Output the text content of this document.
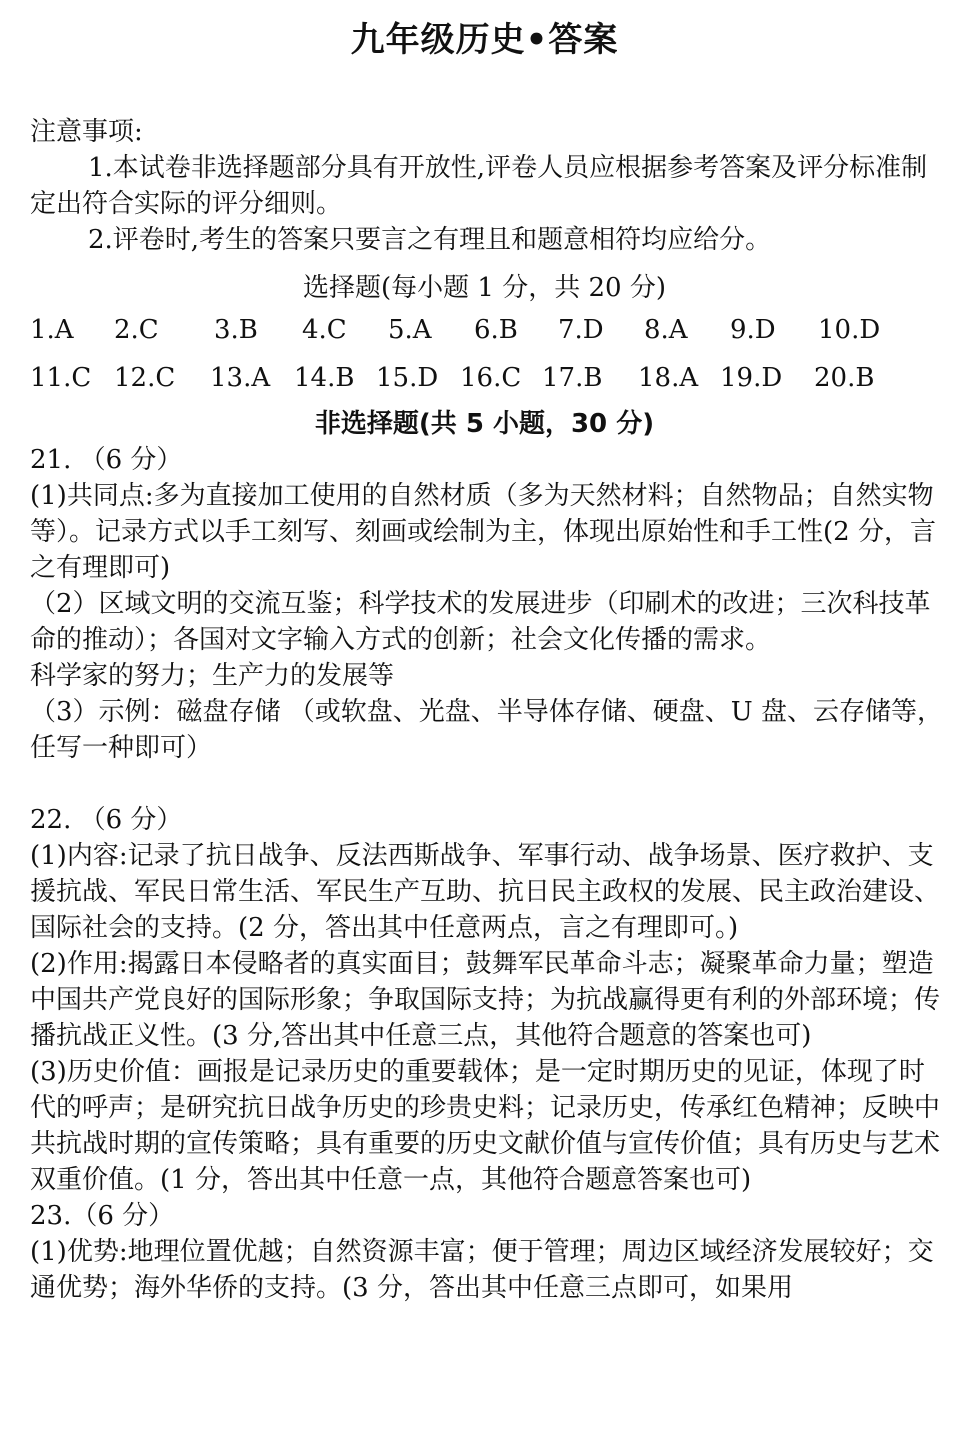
九年级历史•答案

注意事项:

1.本试卷非选择题部分具有开放性,评卷人员应根据参考答案及评分标准制定出符合实际的评分细则。

2.评卷时,考生的答案只要言之有理且和题意相符均应给分。

选择题(每小题 1 分，共 20 分)
1.A 2.C 3.B 4.C 5.A 6.B 7.D 8.A 9.D 10.D
11.C 12.C 13.A 14.B 15.D 16.C 17.B 18.A 19.D 20.B
非选择题(共 5 小题，30 分)

21. （6 分）

(1)共同点:多为直接加工使用的自然材质（多为天然材料；自然物品；自然实物等）。记录方式以手工刻写、刻画或绘制为主，体现出原始性和手工性(2 分，言之有理即可)

（2）区域文明的交流互鉴；科学技术的发展进步（印刷术的改进；三次科技革命的推动）；各国对文字输入方式的创新；社会文化传播的需求。

科学家的努力；生产力的发展等

（3）示例：磁盘存储 （或软盘、光盘、半导体存储、硬盘、U 盘、云存储等，任写一种即可）

22. （6 分）

(1)内容:记录了抗日战争、反法西斯战争、军事行动、战争场景、医疗救护、支援抗战、军民日常生活、军民生产互助、抗日民主政权的发展、民主政治建设、国际社会的支持。(2 分，答出其中任意两点，言之有理即可。)

(2)作用:揭露日本侵略者的真实面目；鼓舞军民革命斗志；凝聚革命力量；塑造中国共产党良好的国际形象；争取国际支持；为抗战赢得更有利的外部环境；传播抗战正义性。(3 分,答出其中任意三点，其他符合题意的答案也可)

(3)历史价值：画报是记录历史的重要载体；是一定时期历史的见证，体现了时代的呼声；是研究抗日战争历史的珍贵史料；记录历史，传承红色精神；反映中共抗战时期的宣传策略；具有重要的历史文献价值与宣传价值；具有历史与艺术双重价值。(1 分，答出其中任意一点，其他符合题意答案也可)

23.（6 分）

(1)优势:地理位置优越；自然资源丰富；便于管理；周边区域经济发展较好；交通优势；海外华侨的支持。(3 分，答出其中任意三点即可，如果用
